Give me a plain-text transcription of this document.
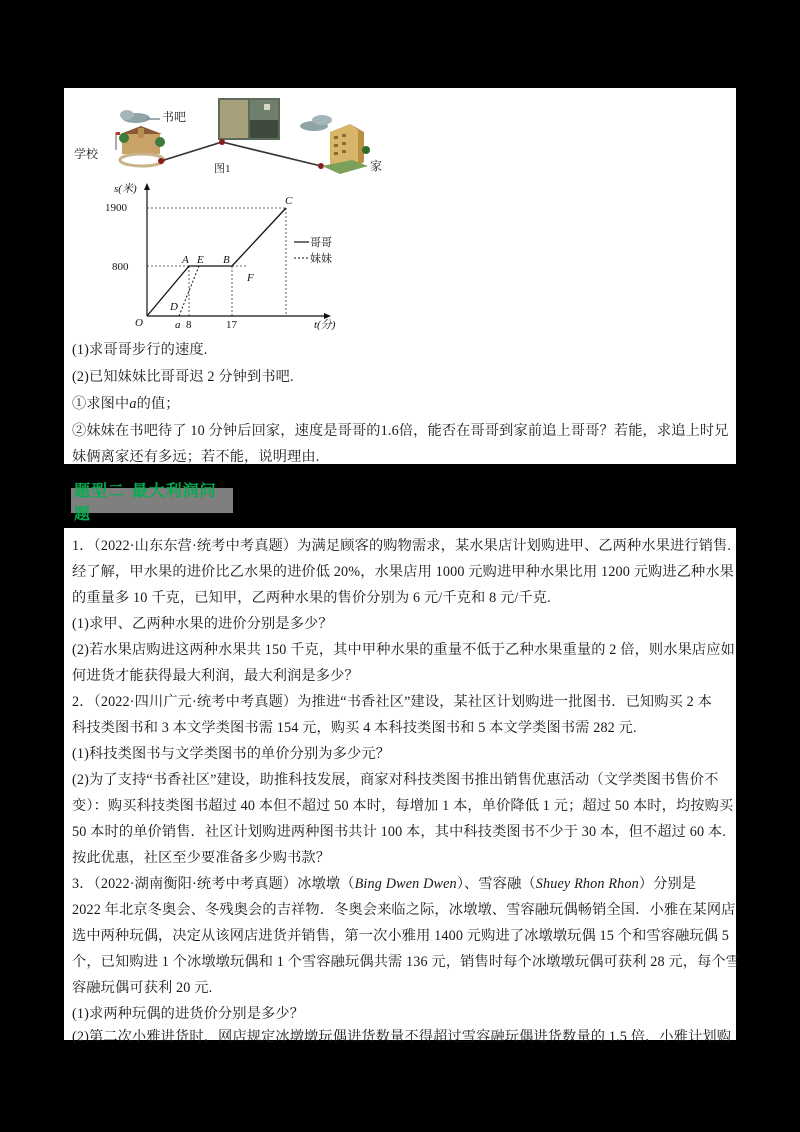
学校
书吧
家
图1
1900
800
a 8	17
s(米)
t(分)
O
A E B
F
C
D
哥哥
妹妹
(1)求哥哥步行的速度.
(2)已知妹妹比哥哥迟 2 分钟到书吧.
①求图中a的值；
②妹妹在书吧待了 10 分钟后回家，速度是哥哥的1.6倍，能否在哥哥到家前追上哥哥？若能，求追上时兄
妹俩离家还有多远；若不能，说明理由.
题型二 最大利润问题
1．（2022·山东东营·统考中考真题）为满足顾客的购物需求，某水果店计划购进甲、乙两种水果进行销售.
经了解，甲水果的进价比乙水果的进价低 20%，水果店用 1000 元购进甲种水果比用 1200 元购进乙种水果
的重量多 10 千克，已知甲，乙两种水果的售价分别为 6 元/千克和 8 元/千克.
(1)求甲、乙两种水果的进价分别是多少？
(2)若水果店购进这两种水果共 150 千克，其中甲种水果的重量不低于乙种水果重量的 2 倍，则水果店应如
何进货才能获得最大利润，最大利润是多少？
2．（2022·四川广元·统考中考真题）为推进“书香社区”建设，某社区计划购进一批图书．已知购买 2 本
科技类图书和 3 本文学类图书需 154 元，购买 4 本科技类图书和 5 本文学类图书需 282 元.
(1)科技类图书与文学类图书的单价分别为多少元？
(2)为了支持“书香社区”建设，助推科技发展，商家对科技类图书推出销售优惠活动（文学类图书售价不
变）：购买科技类图书超过 40 本但不超过 50 本时，每增加 1 本，单价降低 1 元；超过 50 本时，均按购买
50 本时的单价销售．社区计划购进两种图书共计 100 本，其中科技类图书不少于 30 本，但不超过 60 本.
按此优惠，社区至少要准备多少购书款？
3．（2022·湖南衡阳·统考中考真题）冰墩墩（Bing Dwen Dwen）、雪容融（Shuey Rhon Rhon）分别是
2022 年北京冬奥会、冬残奥会的吉祥物．冬奥会来临之际，冰墩墩、雪容融玩偶畅销全国．小雅在某网店
选中两种玩偶，决定从该网店进货并销售，第一次小雅用 1400 元购进了冰墩墩玩偶 15 个和雪容融玩偶 5
个，已知购进 1 个冰墩墩玩偶和 1 个雪容融玩偶共需 136 元，销售时每个冰墩墩玩偶可获利 28 元，每个雪
容融玩偶可获利 20 元.
(1)求两种玩偶的进货价分别是多少？
(2)第二次小雅进货时，网店规定冰墩墩玩偶进货数量不得超过雪容融玩偶进货数量的 1.5 倍．小雅计划购
